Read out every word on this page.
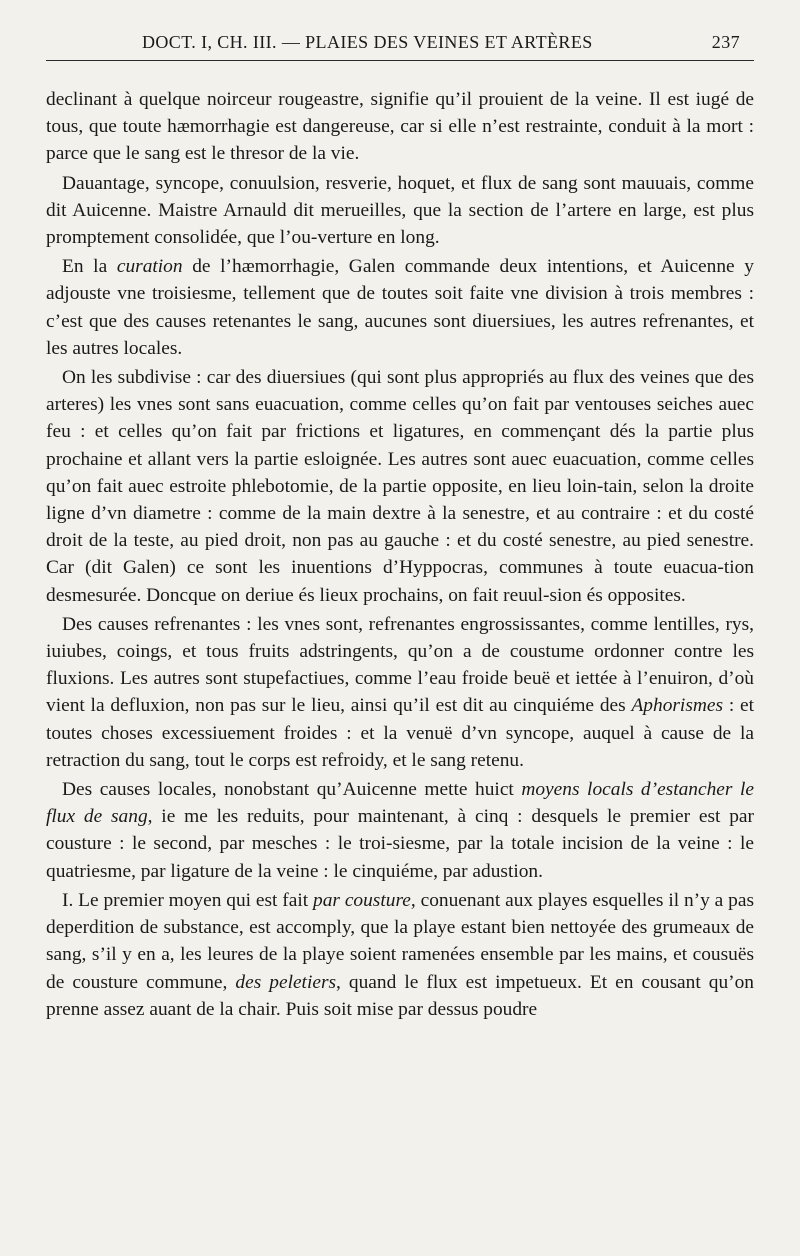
DOCT. I, CH. III. — PLAIES DES VEINES ET ARTÈRES	237

declinant à quelque noirceur rougeastre, signifie qu’il prouient de la veine. Il est iugé de tous, que toute hæmorrhagie est dangereuse, car si elle n’est restrainte, conduit à la mort : parce que le sang est le thresor de la vie.

Dauantage, syncope, conuulsion, resverie, hoquet, et flux de sang sont mauuais, comme dit Auicenne. Maistre Arnauld dit merueilles, que la section de l’artere en large, est plus promptement consolidée, que l’ou-verture en long.

En la curation de l’hæmorrhagie, Galen commande deux intentions, et Auicenne y adjouste vne troisiesme, tellement que de toutes soit faite vne division à trois membres : c’est que des causes retenantes le sang, aucunes sont diuersiues, les autres refrenantes, et les autres locales.

On les subdivise : car des diuersiues (qui sont plus appropriés au flux des veines que des arteres) les vnes sont sans euacuation, comme celles qu’on fait par ventouses seiches auec feu : et celles qu’on fait par frictions et ligatures, en commençant dés la partie plus prochaine et allant vers la partie esloignée. Les autres sont auec euacuation, comme celles qu’on fait auec estroite phlebotomie, de la partie opposite, en lieu loin-tain, selon la droite ligne d’vn diametre : comme de la main dextre à la senestre, et au contraire : et du costé droit de la teste, au pied droit, non pas au gauche : et du costé senestre, au pied senestre. Car (dit Galen) ce sont les inuentions d’Hyppocras, communes à toute euacua-tion desmesurée. Doncque on deriue és lieux prochains, on fait reuul-sion és opposites.

Des causes refrenantes : les vnes sont, refrenantes engrossissantes, comme lentilles, rys, iuiubes, coings, et tous fruits adstringents, qu’on a de coustume ordonner contre les fluxions. Les autres sont stupefactiues, comme l’eau froide beuë et iettée à l’enuiron, d’où vient la defluxion, non pas sur le lieu, ainsi qu’il est dit au cinquiéme des Aphorismes : et toutes choses excessiuement froides : et la venuë d’vn syncope, auquel à cause de la retraction du sang, tout le corps est refroidy, et le sang retenu.

Des causes locales, nonobstant qu’Auicenne mette huict moyens locals d’estancher le flux de sang, ie me les reduits, pour maintenant, à cinq : desquels le premier est par cousture : le second, par mesches : le troi-siesme, par la totale incision de la veine : le quatriesme, par ligature de la veine : le cinquiéme, par adustion.

I. Le premier moyen qui est fait par cousture, conuenant aux playes esquelles il n’y a pas deperdition de substance, est accomply, que la playe estant bien nettoyée des grumeaux de sang, s’il y en a, les leures de la playe soient ramenées ensemble par les mains, et cousuës de cousture commune, des peletiers, quand le flux est impetueux. Et en cousant qu’on prenne assez auant de la chair. Puis soit mise par dessus poudre
